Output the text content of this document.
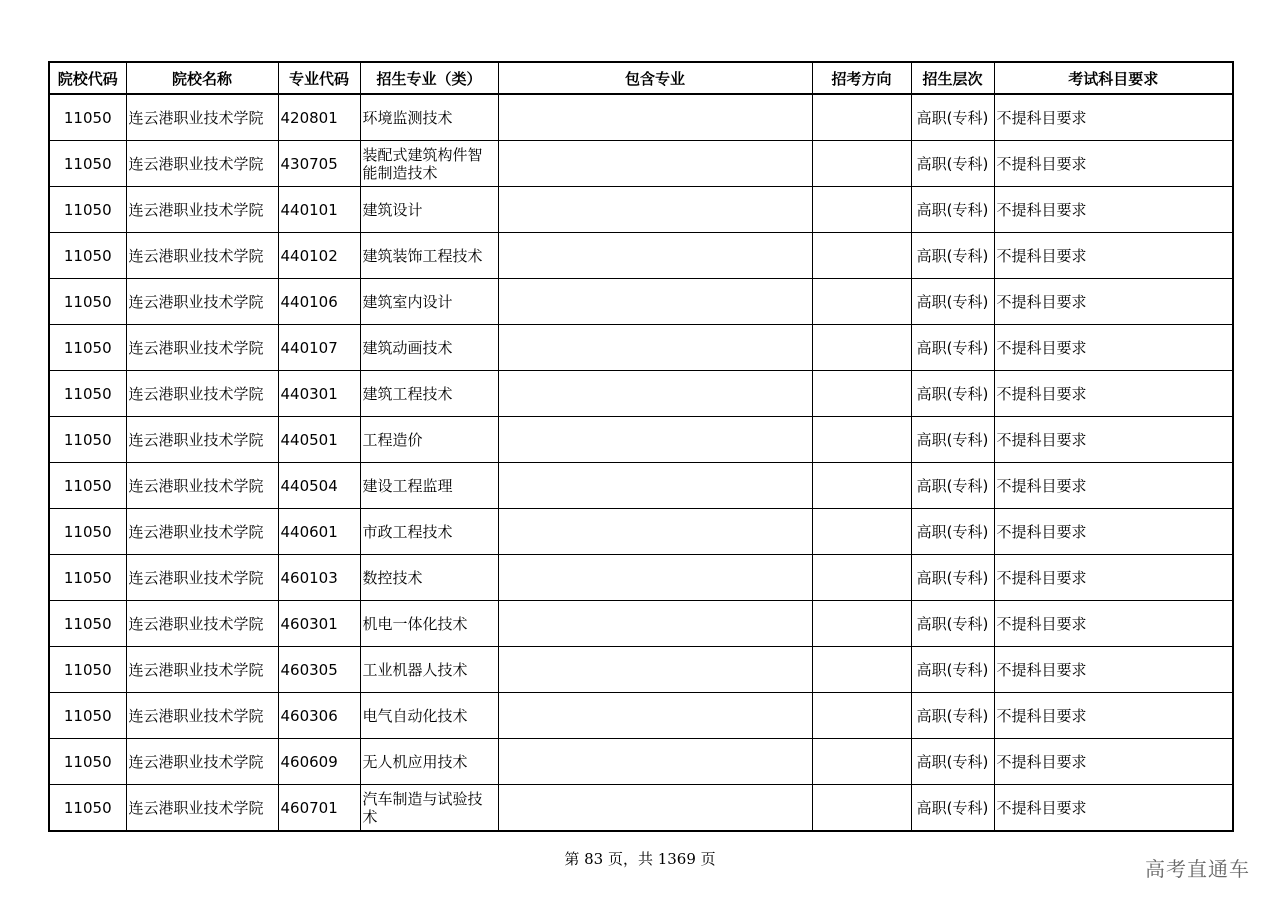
院校代码	院校名称	专业代码	招生专业（类）	包含专业	招考方向	招生层次	考试科目要求
11050	连云港职业技术学院	420801	环境监测技术			高职(专科)	不提科目要求
11050	连云港职业技术学院	430705	装配式建筑构件智能制造技术			高职(专科)	不提科目要求
11050	连云港职业技术学院	440101	建筑设计			高职(专科)	不提科目要求
11050	连云港职业技术学院	440102	建筑装饰工程技术			高职(专科)	不提科目要求
11050	连云港职业技术学院	440106	建筑室内设计			高职(专科)	不提科目要求
11050	连云港职业技术学院	440107	建筑动画技术			高职(专科)	不提科目要求
11050	连云港职业技术学院	440301	建筑工程技术			高职(专科)	不提科目要求
11050	连云港职业技术学院	440501	工程造价			高职(专科)	不提科目要求
11050	连云港职业技术学院	440504	建设工程监理			高职(专科)	不提科目要求
11050	连云港职业技术学院	440601	市政工程技术			高职(专科)	不提科目要求
11050	连云港职业技术学院	460103	数控技术			高职(专科)	不提科目要求
11050	连云港职业技术学院	460301	机电一体化技术			高职(专科)	不提科目要求
11050	连云港职业技术学院	460305	工业机器人技术			高职(专科)	不提科目要求
11050	连云港职业技术学院	460306	电气自动化技术			高职(专科)	不提科目要求
11050	连云港职业技术学院	460609	无人机应用技术			高职(专科)	不提科目要求
11050	连云港职业技术学院	460701	汽车制造与试验技术			高职(专科)	不提科目要求
第 83 页，共 1369 页	高考直通车
